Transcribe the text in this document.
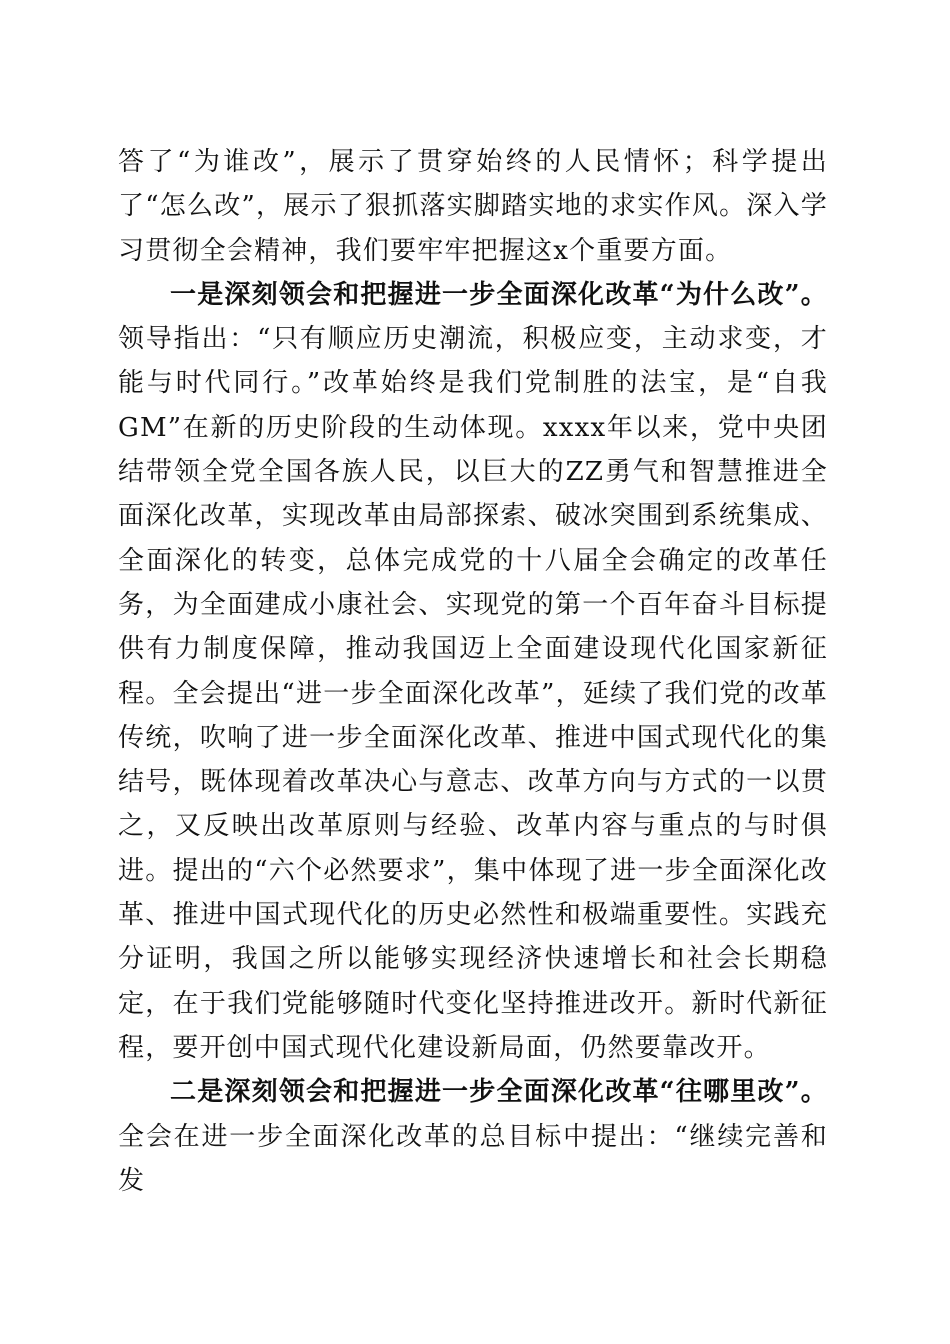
答了“为谁改”，展示了贯穿始终的人民情怀；科学提出了“怎么改”，展示了狠抓落实脚踏实地的求实作风。深入学习贯彻全会精神，我们要牢牢把握这x个重要方面。

一是深刻领会和把握进一步全面深化改革“为什么改”。领导指出：“只有顺应历史潮流，积极应变，主动求变，才能与时代同行。”改革始终是我们党制胜的法宝，是“自我GM”在新的历史阶段的生动体现。xxxx年以来，党中央团结带领全党全国各族人民，以巨大的ZZ勇气和智慧推进全面深化改革，实现改革由局部探索、破冰突围到系统集成、全面深化的转变，总体完成党的十八届全会确定的改革任务，为全面建成小康社会、实现党的第一个百年奋斗目标提供有力制度保障，推动我国迈上全面建设现代化国家新征程。全会提出“进一步全面深化改革”，延续了我们党的改革传统，吹响了进一步全面深化改革、推进中国式现代化的集结号，既体现着改革决心与意志、改革方向与方式的一以贯之，又反映出改革原则与经验、改革内容与重点的与时俱进。提出的“六个必然要求”，集中体现了进一步全面深化改革、推进中国式现代化的历史必然性和极端重要性。实践充分证明，我国之所以能够实现经济快速增长和社会长期稳定，在于我们党能够随时代变化坚持推进改开。新时代新征程，要开创中国式现代化建设新局面，仍然要靠改开。

二是深刻领会和把握进一步全面深化改革“往哪里改”。全会在进一步全面深化改革的总目标中提出：“继续完善和发
